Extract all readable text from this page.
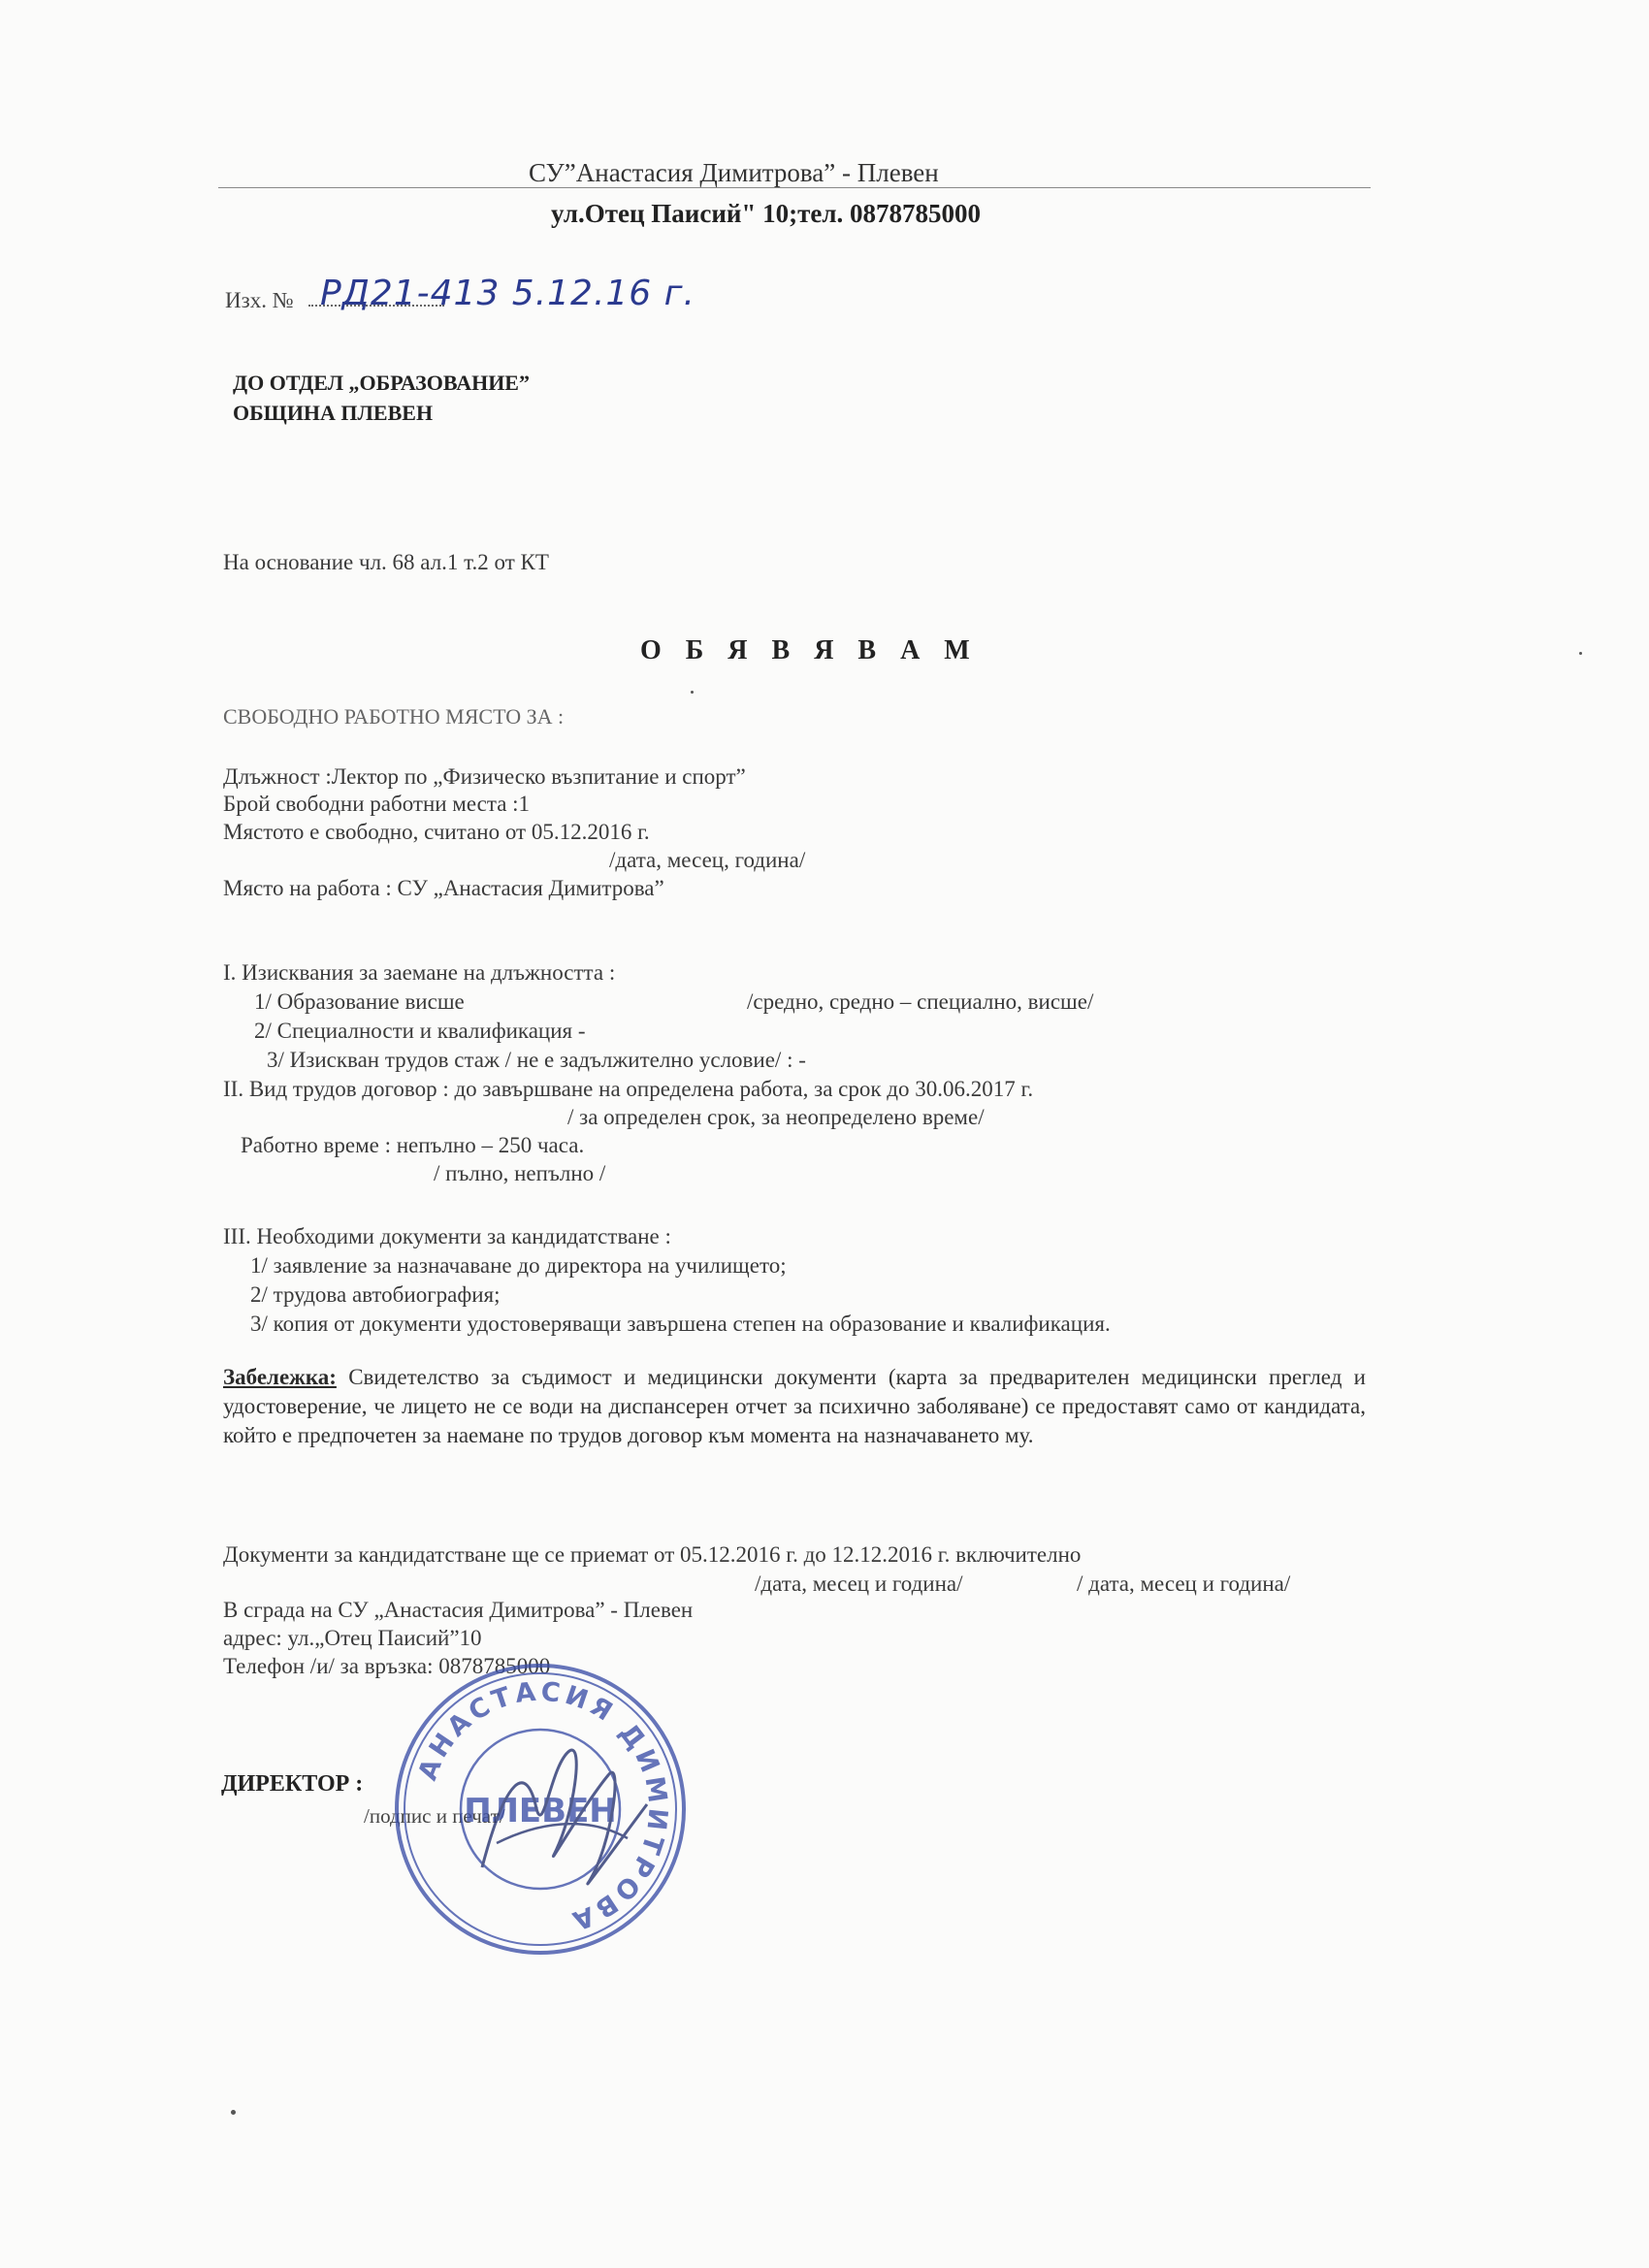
СУ”Анастасия Димитрова” - Плевен
ул.Отец Паисий" 10;тел. 0878785000
Изх. № РД21-413 5.12.16 г.
ДО ОТДЕЛ „ОБРАЗОВАНИЕ”
ОБЩИНА ПЛЕВЕН
На основание чл. 68 ал.1 т.2 от КТ
О Б Я В Я В А М
СВОБОДНО РАБОТНО МЯСТО ЗА :
Длъжност :Лектор по „Физическо възпитание и спорт”
Брой свободни работни места :1
Мястото е свободно, считано от 05.12.2016 г.
/дата, месец, година/
Място на работа : СУ „Анастасия Димитрова”
I. Изисквания за заемане на длъжността :
1/ Образование висше	/средно, средно – специално, висше/
2/ Специалности и квалификация -
3/ Изискван трудов стаж / не е задължително условие/ : -
II. Вид трудов договор : до завършване на определена работа, за срок до 30.06.2017 г.
/ за определен срок, за неопределено време/
Работно време : непълно – 250 часа.
/ пълно, непълно /
III. Необходими документи за кандидатстване :
1/ заявление за назначаване до директора на училището;
2/ трудова автобиография;
3/ копия от документи удостоверяващи завършена степен на образование и квалификация.
Забележка: Свидетелство за съдимост и медицински документи (карта за предварителен медицински преглед и удостоверение, че лицето не се води на диспансерен отчет за психично заболяване) се предоставят само от кандидата, който е предпочетен за наемане по трудов договор към момента на назначаването му.
Документи за кандидатстване ще се приемат от 05.12.2016 г. до 12.12.2016 г. включително
/дата, месец и година/	/ дата, месец и година/
В сграда на СУ „Анастасия Димитрова” - Плевен
адрес: ул.„Отец Паисий”10
Телефон /и/ за връзка: 0878785000
ДИРЕКТОР :
/подпис и печат/
АНАСТАСИЯ ДИМИТРОВА
ПЛЕВЕН
